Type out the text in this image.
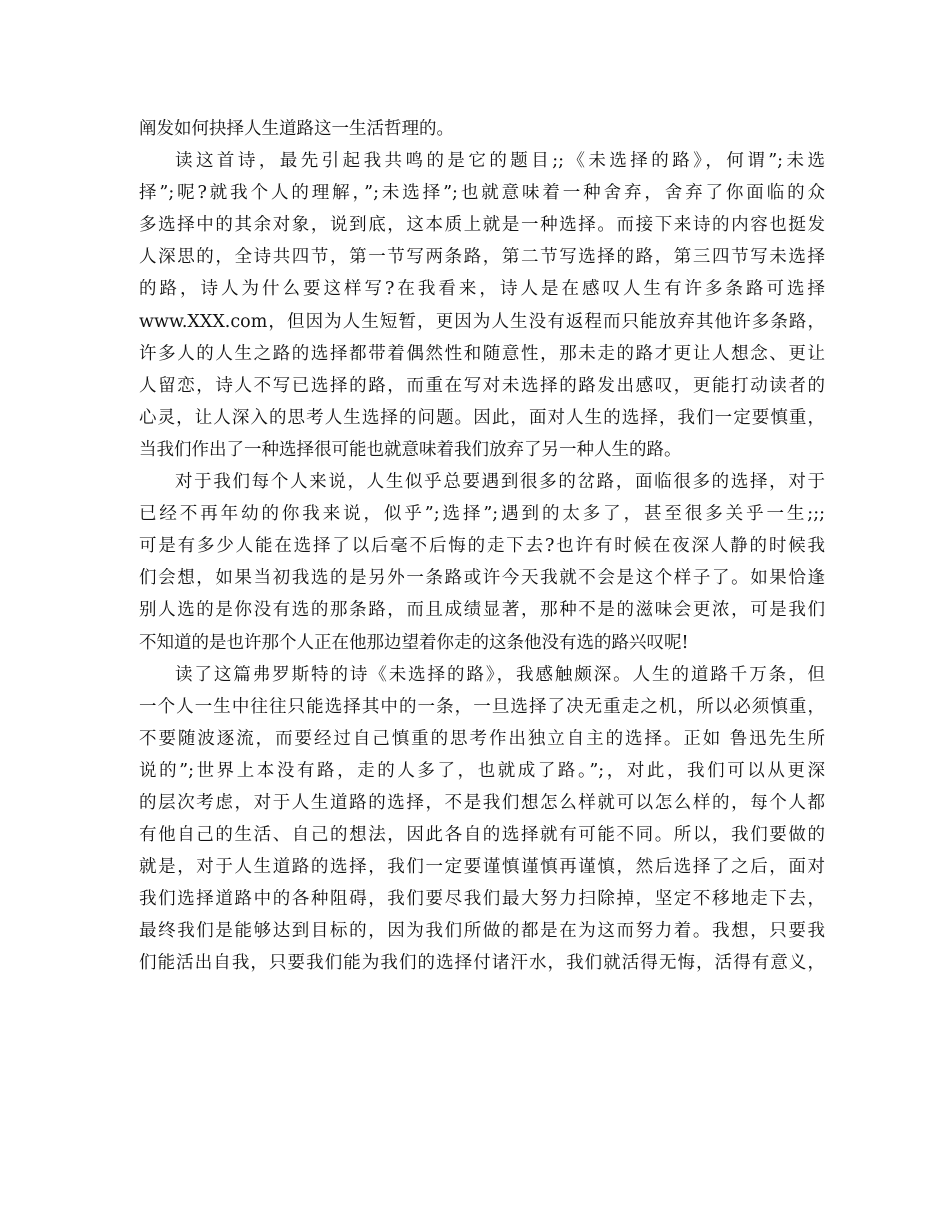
阐发如何抉择人生道路这一生活哲理的。
读这首诗，最先引起我共鸣的是它的题目;;《未选择的路》，何谓”;未选
择”;呢?就我个人的理解，”;未选择”;也就意味着一种舍弃，舍弃了你面临的众
多选择中的其余对象，说到底，这本质上就是一种选择。而接下来诗的内容也挺发
人深思的，全诗共四节，第一节写两条路，第二节写选择的路，第三四节写未选择
的路，诗人为什么要这样写?在我看来，诗人是在感叹人生有许多条路可选择
www.XXX.com，但因为人生短暂，更因为人生没有返程而只能放弃其他许多条路，
许多人的人生之路的选择都带着偶然性和随意性，那未走的路才更让人想念、更让
人留恋，诗人不写已选择的路，而重在写对未选择的路发出感叹，更能打动读者的
心灵，让人深入的思考人生选择的问题。因此，面对人生的选择，我们一定要慎重，
当我们作出了一种选择很可能也就意味着我们放弃了另一种人生的路。
对于我们每个人来说，人生似乎总要遇到很多的岔路，面临很多的选择，对于
已经不再年幼的你我来说，似乎”;选择”;遇到的太多了，甚至很多关乎一生;;;
可是有多少人能在选择了以后毫不后悔的走下去?也许有时候在夜深人静的时候我
们会想，如果当初我选的是另外一条路或许今天我就不会是这个样子了。如果恰逢
别人选的是你没有选的那条路，而且成绩显著，那种不是的滋味会更浓，可是我们
不知道的是也许那个人正在他那边望着你走的这条他没有选的路兴叹呢!
读了这篇弗罗斯特的诗《未选择的路》，我感触颇深。人生的道路千万条，但
一个人一生中往往只能选择其中的一条，一旦选择了决无重走之机，所以必须慎重，
不要随波逐流，而要经过自己慎重的思考作出独立自主的选择。正如 鲁迅先生所
说的”;世界上本没有路，走的人多了，也就成了路。”;，对此，我们可以从更深
的层次考虑，对于人生道路的选择，不是我们想怎么样就可以怎么样的，每个人都
有他自己的生活、自己的想法，因此各自的选择就有可能不同。所以，我们要做的
就是，对于人生道路的选择，我们一定要谨慎谨慎再谨慎，然后选择了之后，面对
我们选择道路中的各种阻碍，我们要尽我们最大努力扫除掉，坚定不移地走下去，
最终我们是能够达到目标的，因为我们所做的都是在为这而努力着。我想，只要我
们能活出自我，只要我们能为我们的选择付诸汗水，我们就活得无悔，活得有意义，
